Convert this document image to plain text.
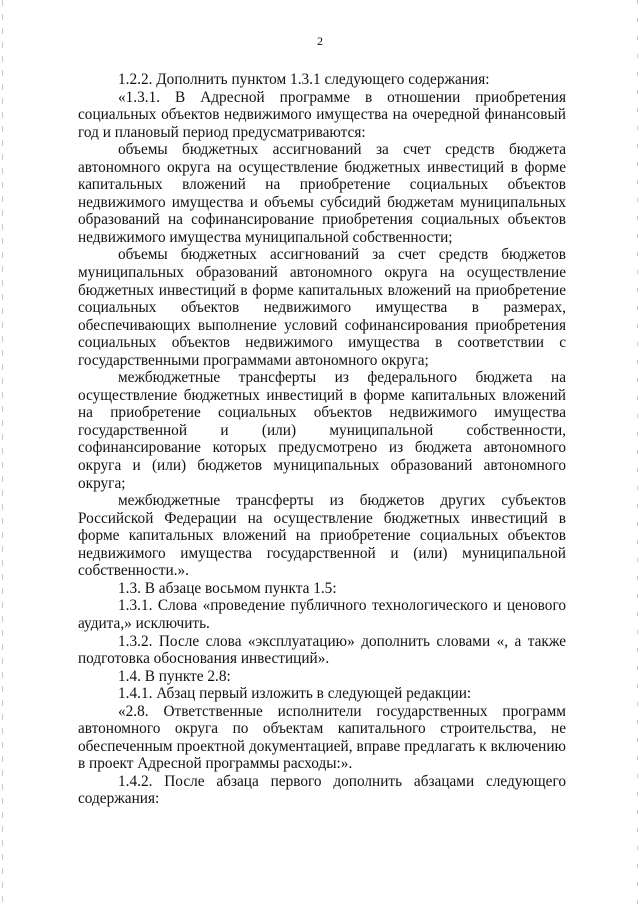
2

1.2.2. Дополнить пунктом 1.3.1 следующего содержания:

«1.3.1. В Адресной программе в отношении приобретения социальных объектов недвижимого имущества на очередной финансовый год и плановый период предусматриваются:

объемы бюджетных ассигнований за счет средств бюджета автономного округа на осуществление бюджетных инвестиций в форме капитальных вложений на приобретение социальных объектов недвижимого имущества и объемы субсидий бюджетам муниципальных образований на софинансирование приобретения социальных объектов недвижимого имущества муниципальной собственности;

объемы бюджетных ассигнований за счет средств бюджетов муниципальных образований автономного округа на осуществление бюджетных инвестиций в форме капитальных вложений на приобретение социальных объектов недвижимого имущества в размерах, обеспечивающих выполнение условий софинансирования приобретения социальных объектов недвижимого имущества в соответствии с государственными программами автономного округа;

межбюджетные трансферты из федерального бюджета на осуществление бюджетных инвестиций в форме капитальных вложений на приобретение социальных объектов недвижимого имущества государственной и (или) муниципальной собственности, софинансирование которых предусмотрено из бюджета автономного округа и (или) бюджетов муниципальных образований автономного округа;

межбюджетные трансферты из бюджетов других субъектов Российской Федерации на осуществление бюджетных инвестиций в форме капитальных вложений на приобретение социальных объектов недвижимого имущества государственной и (или) муниципальной собственности.».

1.3. В абзаце восьмом пункта 1.5:

1.3.1. Слова «проведение публичного технологического и ценового аудита,» исключить.

1.3.2. После слова «эксплуатацию» дополнить словами «, а также подготовка обоснования инвестиций».

1.4. В пункте 2.8:

1.4.1. Абзац первый изложить в следующей редакции:

«2.8. Ответственные исполнители государственных программ автономного округа по объектам капитального строительства, не обеспеченным проектной документацией, вправе предлагать к включению в проект Адресной программы расходы:».

1.4.2. После абзаца первого дополнить абзацами следующего содержания:
